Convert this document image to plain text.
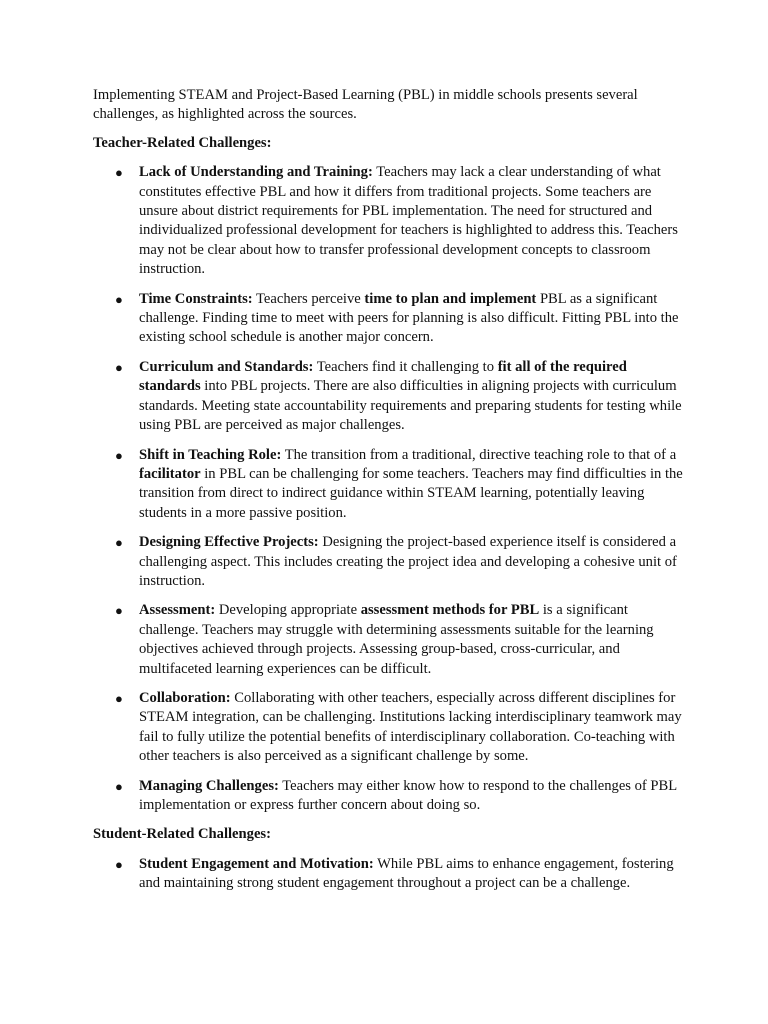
Implementing STEAM and Project-Based Learning (PBL) in middle schools presents several challenges, as highlighted across the sources.

Teacher-Related Challenges:

● Lack of Understanding and Training: Teachers may lack a clear understanding of what constitutes effective PBL and how it differs from traditional projects. Some teachers are unsure about district requirements for PBL implementation. The need for structured and individualized professional development for teachers is highlighted to address this. Teachers may not be clear about how to transfer professional development concepts to classroom instruction.
● Time Constraints: Teachers perceive time to plan and implement PBL as a significant challenge. Finding time to meet with peers for planning is also difficult. Fitting PBL into the existing school schedule is another major concern.
● Curriculum and Standards: Teachers find it challenging to fit all of the required standards into PBL projects. There are also difficulties in aligning projects with curriculum standards. Meeting state accountability requirements and preparing students for testing while using PBL are perceived as major challenges.
● Shift in Teaching Role: The transition from a traditional, directive teaching role to that of a facilitator in PBL can be challenging for some teachers. Teachers may find difficulties in the transition from direct to indirect guidance within STEAM learning, potentially leaving students in a more passive position.
● Designing Effective Projects: Designing the project-based experience itself is considered a challenging aspect. This includes creating the project idea and developing a cohesive unit of instruction.
● Assessment: Developing appropriate assessment methods for PBL is a significant challenge. Teachers may struggle with determining assessments suitable for the learning objectives achieved through projects. Assessing group-based, cross-curricular, and multifaceted learning experiences can be difficult.
● Collaboration: Collaborating with other teachers, especially across different disciplines for STEAM integration, can be challenging. Institutions lacking interdisciplinary teamwork may fail to fully utilize the potential benefits of interdisciplinary collaboration. Co-teaching with other teachers is also perceived as a significant challenge by some.
● Managing Challenges: Teachers may either know how to respond to the challenges of PBL implementation or express further concern about doing so.

Student-Related Challenges:

● Student Engagement and Motivation: While PBL aims to enhance engagement, fostering and maintaining strong student engagement throughout a project can be a challenge.
